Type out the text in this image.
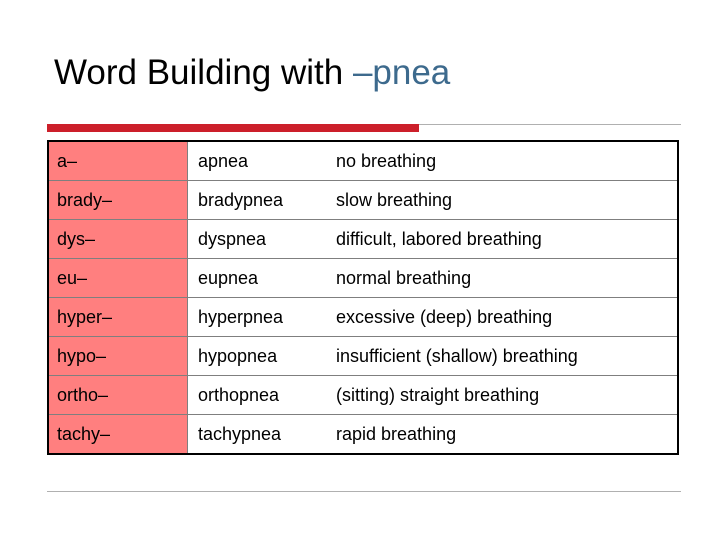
Word Building with –pnea
a–	apnea	no breathing
brady–	bradypnea	slow breathing
dys–	dyspnea	difficult, labored breathing
eu–	eupnea	normal breathing
hyper–	hyperpnea	excessive (deep) breathing
hypo–	hypopnea	insufficient (shallow) breathing
ortho–	orthopnea	(sitting) straight breathing
tachy–	tachypnea	rapid breathing
